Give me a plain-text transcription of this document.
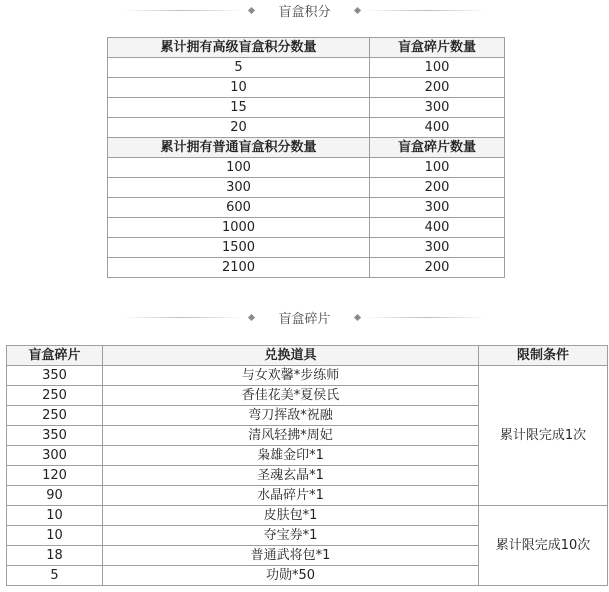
盲盒积分
累计拥有高级盲盒积分数量	盲盒碎片数量
5	100
10	200
15	300
20	400
累计拥有普通盲盒积分数量	盲盒碎片数量
100	100
300	200
600	300
1000	400
1500	300
2100	200
盲盒碎片
盲盒碎片	兑换道具	限制条件
350	与女欢馨*步练师	累计限完成1次
250	香佳花美*夏侯氏	
250	弯刀挥敌*祝融	
350	清风轻拂*周妃	
300	枭雄金印*1	
120	圣魂玄晶*1	
90	水晶碎片*1	
10	皮肤包*1	累计限完成10次
10	夺宝券*1	
18	普通武将包*1	
5	功勋*50	
